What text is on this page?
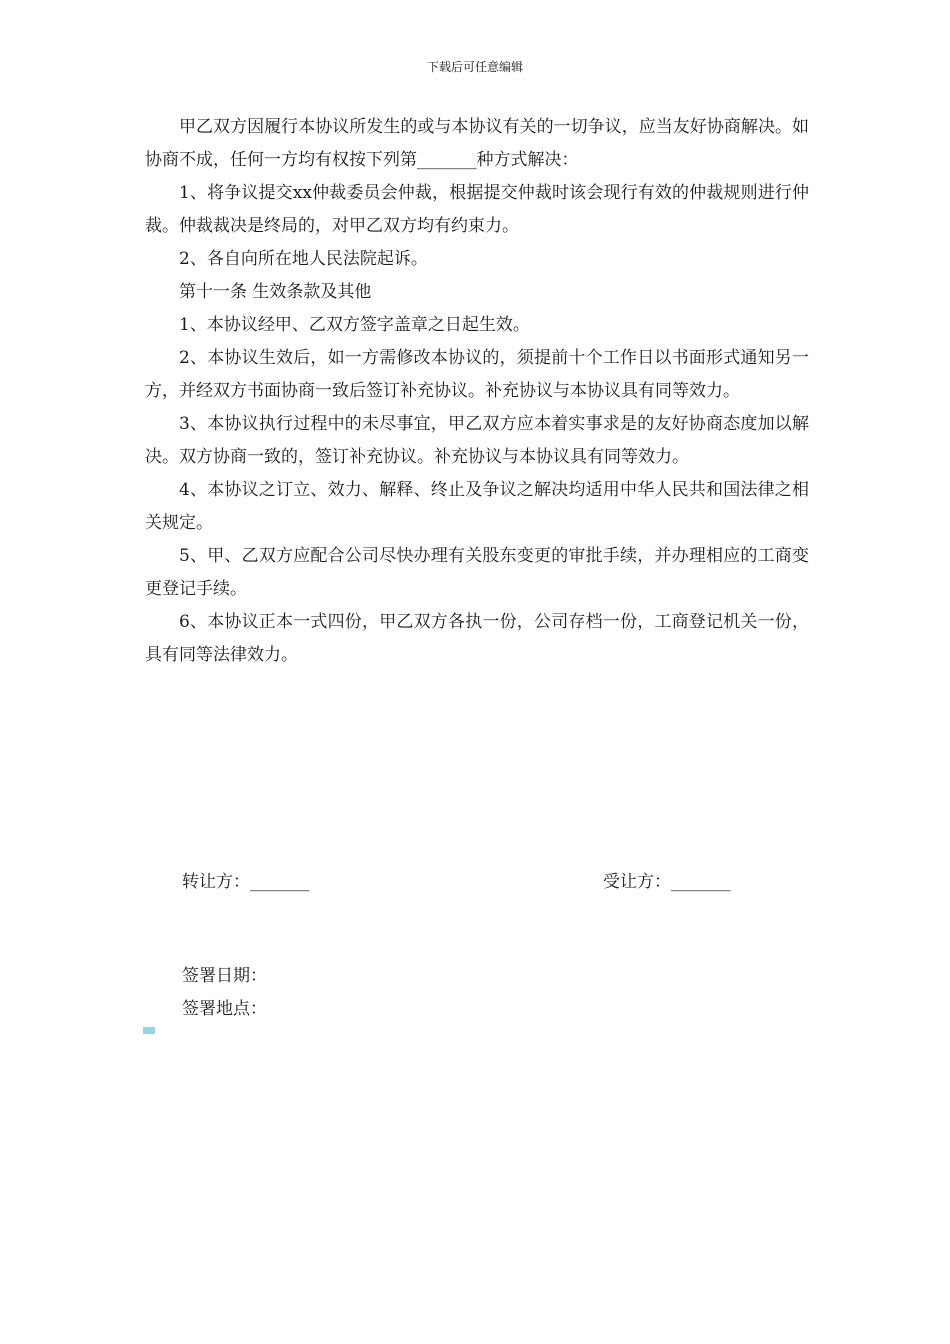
下载后可任意编辑

甲乙双方因履行本协议所发生的或与本协议有关的一切争议，应当友好协商解决。如协商不成，任何一方均有权按下列第_______种方式解决：

1、将争议提交xx仲裁委员会仲裁，根据提交仲裁时该会现行有效的仲裁规则进行仲裁。仲裁裁决是终局的，对甲乙双方均有约束力。

2、各自向所在地人民法院起诉。

第十一条 生效条款及其他

1、本协议经甲、乙双方签字盖章之日起生效。

2、本协议生效后，如一方需修改本协议的，须提前十个工作日以书面形式通知另一方，并经双方书面协商一致后签订补充协议。补充协议与本协议具有同等效力。

3、本协议执行过程中的未尽事宜，甲乙双方应本着实事求是的友好协商态度加以解决。双方协商一致的，签订补充协议。补充协议与本协议具有同等效力。

4、本协议之订立、效力、解释、终止及争议之解决均适用中华人民共和国法律之相关规定。

5、甲、乙双方应配合公司尽快办理有关股东变更的审批手续，并办理相应的工商变更登记手续。

6、本协议正本一式四份，甲乙双方各执一份，公司存档一份，工商登记机关一份，具有同等法律效力。

转让方：_______	受让方：_______
签署日期：
签署地点：
